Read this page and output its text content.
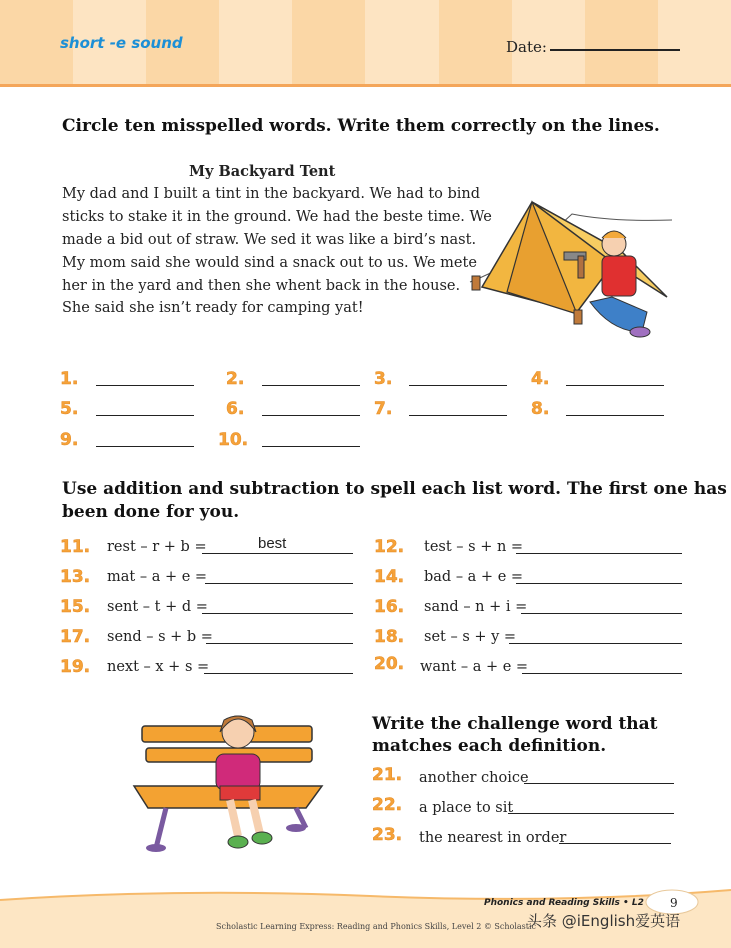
short -e sound	Date:
Circle ten misspelled words. Write them correctly on the lines.
My Backyard Tent
My dad and I built a tint in the backyard. We had to bind
sticks to stake it in the ground. We had the beste time. We
made a bid out of straw. We sed it was like a bird’s nast.
My mom said she would sind a snack out to us. We mete
her in the yard and then she whent back in the house.
She said she isn’t ready for camping yat!
1.	2.	3.	4.
5.	6.	7.	8.
9.	10.
Use addition and subtraction to spell each list word. The first one has
been done for you.
11. rest – r + b =	best
13. mat – a + e =
15. sent – t + d =
17. send – s + b =
19. next – x + s =
12. test – s + n =
14. bad – a + e =
16. sand – n + i =
18. set – s + y =
20. want – a + e =
Write the challenge word that
matches each definition.
21. another choice
22. a place to sit
23. the nearest in order
Phonics and Reading Skills • L2 9
Scholastic Learning Express: Reading and Phonics Skills, Level 2 © Scholastic
头条 @iEnglish爱英语
